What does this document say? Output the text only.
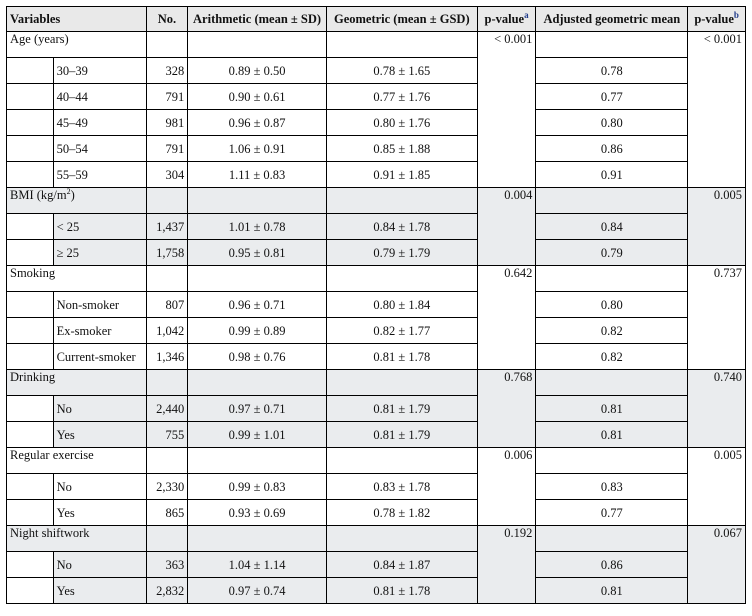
Variables		No.	Arithmetic (mean ± SD)	Geometric (mean ± GSD)	p-value$^a$	Adjusted geometric mean	p-value$^b$
Age (years)					< 0.001		< 0.001
	30–39	328	0.89 ± 0.50	0.78 ± 1.65		0.78	
	40–44	791	0.90 ± 0.61	0.77 ± 1.76		0.77	
	45–49	981	0.96 ± 0.87	0.80 ± 1.76		0.80	
	50–54	791	1.06 ± 0.91	0.85 ± 1.88		0.86	
	55–59	304	1.11 ± 0.83	0.91 ± 1.85		0.91	
BMI $(kg/m^2)$					0.004		0.005
	< 25	1,437	1.01 ± 0.78	0.84 ± 1.78		0.84	
	≥ 25	1,758	0.95 ± 0.81	0.79 ± 1.79		0.79	
Smoking					0.642		0.737
	Non-smoker	807	0.96 ± 0.71	0.80 ± 1.84		0.80	
	Ex-smoker	1,042	0.99 ± 0.89	0.82 ± 1.77		0.82	
	Current-smoker	1,346	0.98 ± 0.76	0.81 ± 1.78		0.82	
Drinking					0.768		0.740
	No	2,440	0.97 ± 0.71	0.81 ± 1.79		0.81	
	Yes	755	0.99 ± 1.01	0.81 ± 1.79		0.81	
Regular exercise					0.006		0.005
	No	2,330	0.99 ± 0.83	0.83 ± 1.78		0.83	
	Yes	865	0.93 ± 0.69	0.78 ± 1.82		0.77	
Night shiftwork					0.192		0.067
	No	363	1.04 ± 1.14	0.84 ± 1.87		0.86	
	Yes	2,832	0.97 ± 0.74	0.81 ± 1.78		0.81	
